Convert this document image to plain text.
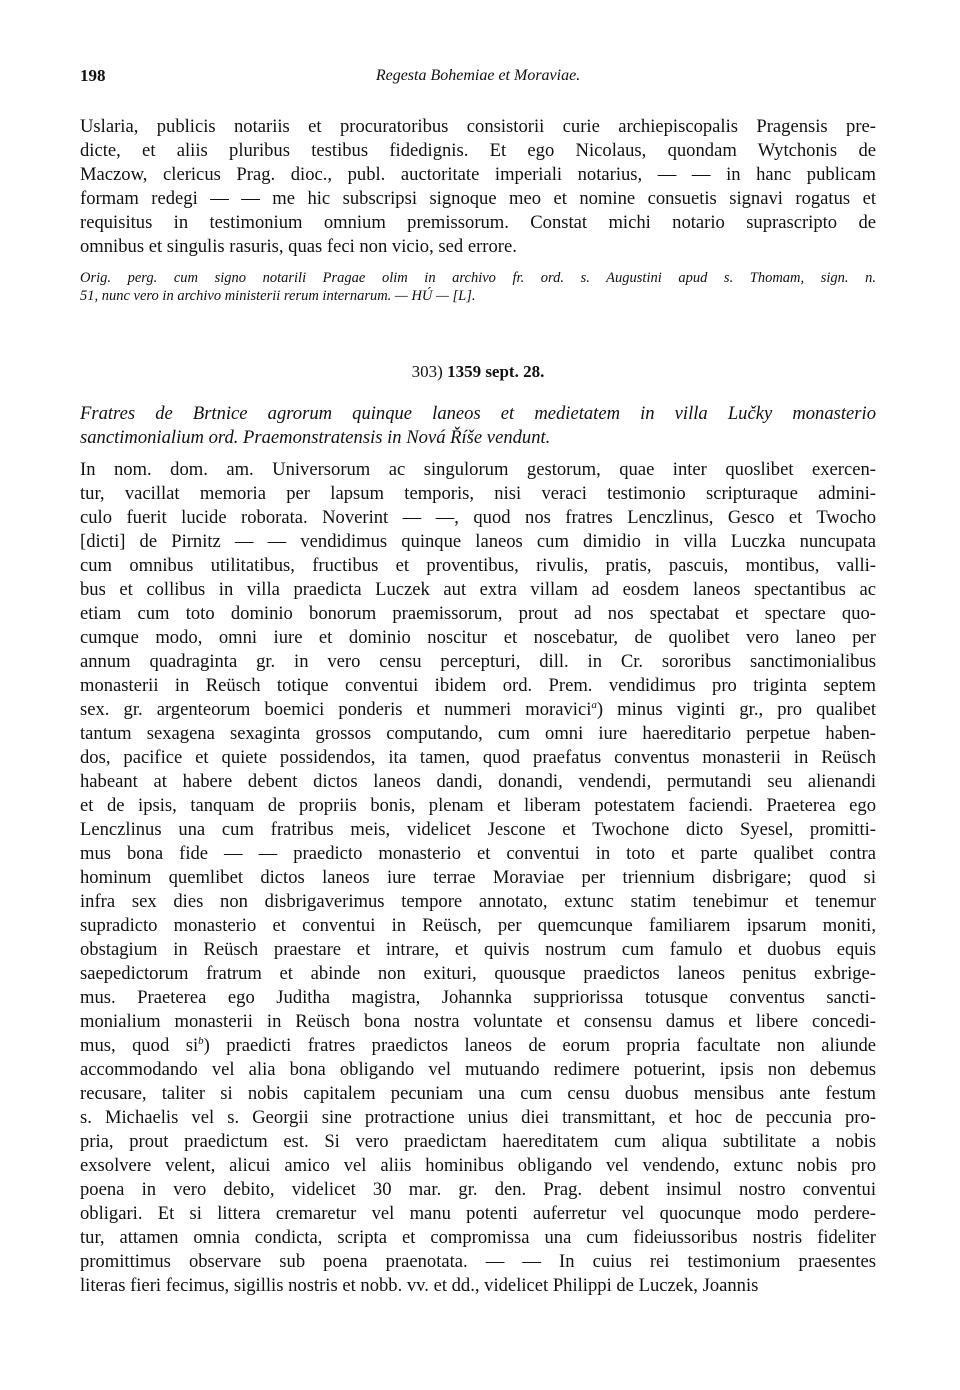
198	Regesta Bohemiae et Moraviae.
Uslaria, publicis notariis et procuratoribus consistorii curie archiepiscopalis Pragensis pre-
dicte, et aliis pluribus testibus fidedignis. Et ego Nicolaus, quondam Wytchonis de
Maczow, clericus Prag. dioc., publ. auctoritate imperiali notarius, — — in hanc publicam
formam redegi — — me hic subscripsi signoque meo et nomine consuetis signavi rogatus et
requisitus in testimonium omnium premissorum. Constat michi notario suprascripto de
omnibus et singulis rasuris, quas feci non vicio, sed errore.
Orig. perg. cum signo notarili Pragae olim in archivo fr. ord. s. Augustini apud s. Thomam, sign. n.
51, nunc vero in archivo ministerii rerum internarum. — HÚ — [L].
303) 1359 sept. 28.
Fratres de Brtnice agrorum quinque laneos et medietatem in villa Lučky monasterio
sanctimonialium ord. Praemonstratensis in Nová Říše vendunt.
In nom. dom. am. Universorum ac singulorum gestorum, quae inter quoslibet exercen-
tur, vacillat memoria per lapsum temporis, nisi veraci testimonio scripturaque admini-
culo fuerit lucide roborata. Noverint — —, quod nos fratres Lenczlinus, Gesco et Twocho
[dicti] de Pirnitz — — vendidimus quinque laneos cum dimidio in villa Luczka nuncupata
cum omnibus utilitatibus, fructibus et proventibus, rivulis, pratis, pascuis, montibus, valli-
bus et collibus in villa praedicta Luczek aut extra villam ad eosdem laneos spectantibus ac
etiam cum toto dominio bonorum praemissorum, prout ad nos spectabat et spectare quo-
cumque modo, omni iure et dominio noscitur et noscebatur, de quolibet vero laneo per
annum quadraginta gr. in vero censu percepturi, dill. in Cr. sororibus sanctimonialibus
monasterii in Reüsch totique conventui ibidem ord. Prem. vendidimus pro triginta septem
sex. gr. argenteorum boemici ponderis et nummeri moravici$^a$) minus viginti gr., pro qualibet
tantum sexagena sexaginta grossos computando, cum omni iure haereditario perpetue haben-
dos, pacifice et quiete possidendos, ita tamen, quod praefatus conventus monasterii in Reüsch
habeant at habere debent dictos laneos dandi, donandi, vendendi, permutandi seu alienandi
et de ipsis, tanquam de propriis bonis, plenam et liberam potestatem faciendi. Praeterea ego
Lenczlinus una cum fratribus meis, videlicet Jescone et Twochone dicto Syesel, promitti-
mus bona fide — — praedicto monasterio et conventui in toto et parte qualibet contra
hominum quemlibet dictos laneos iure terrae Moraviae per triennium disbrigare; quod si
infra sex dies non disbrigaverimus tempore annotato, extunc statim tenebimur et tenemur
supradicto monasterio et conventui in Reüsch, per quemcunque familiarem ipsarum moniti,
obstagium in Reüsch praestare et intrare, et quivis nostrum cum famulo et duobus equis
saepedictorum fratrum et abinde non exituri, quousque praedictos laneos penitus exbrige-
mus. Praeterea ego Juditha magistra, Johannka suppriorissa totusque conventus sancti-
monialium monasterii in Reüsch bona nostra voluntate et consensu damus et libere concedi-
mus, quod $si^b$) praedicti fratres praedictos laneos de eorum propria facultate non aliunde
accommodando vel alia bona obligando vel mutuando redimere potuerint, ipsis non debemus
recusare, taliter si nobis capitalem pecuniam una cum censu duobus mensibus ante festum
s. Michaelis vel s. Georgii sine protractione unius diei transmittant, et hoc de peccunia pro-
pria, prout praedictum est. Si vero praedictam haereditatem cum aliqua subtilitate a nobis
exsolvere velent, alicui amico vel aliis hominibus obligando vel vendendo, extunc nobis pro
poena in vero debito, videlicet 30 mar. gr. den. Prag. debent insimul nostro conventui
obligari. Et si littera cremaretur vel manu potenti auferretur vel quocunque modo perdere-
tur, attamen omnia condicta, scripta et compromissa una cum fideiussoribus nostris fideliter
promittimus observare sub poena praenotata. — — In cuius rei testimonium praesentes
literas fieri fecimus, sigillis nostris et nobb. vv. et dd., videlicet Philippi de Luczek, Joannis
